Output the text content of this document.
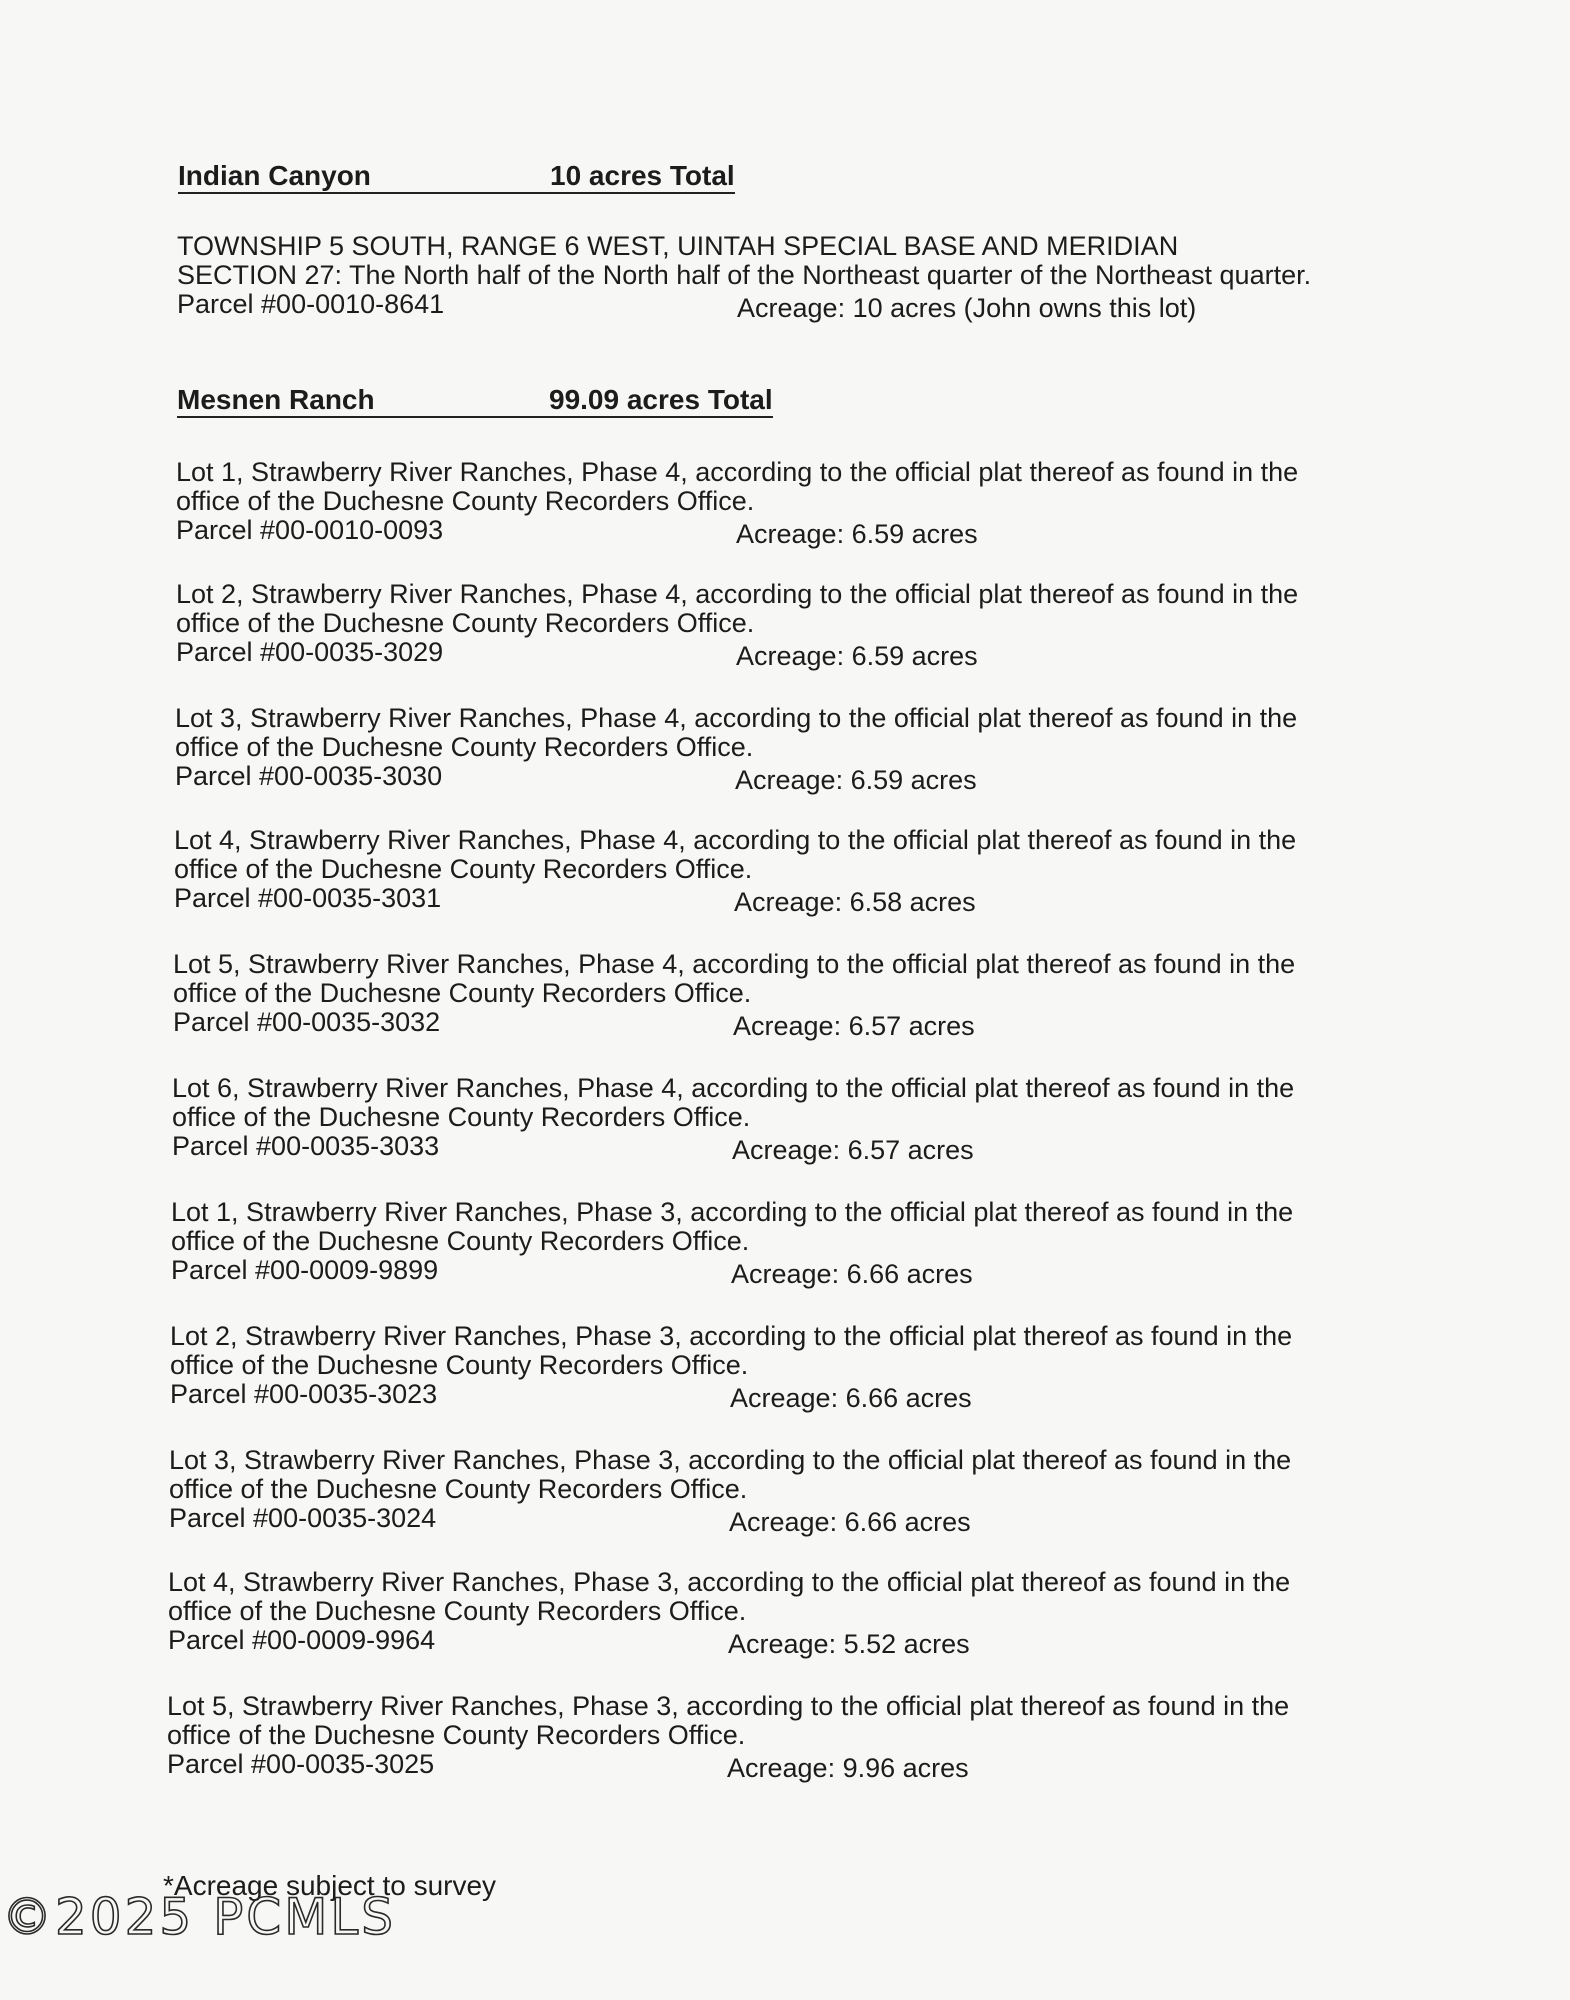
Indian Canyon	10 acres Total
TOWNSHIP 5 SOUTH, RANGE 6 WEST, UINTAH SPECIAL BASE AND MERIDIAN
SECTION 27: The North half of the North half of the Northeast quarter of the Northeast quarter.
Parcel #00-0010-8641	Acreage: 10 acres (John owns this lot)
Mesnen Ranch	99.09 acres Total
Lot 1, Strawberry River Ranches, Phase 4, according to the official plat thereof as found in the
office of the Duchesne County Recorders Office.
Parcel #00-0010-0093	Acreage: 6.59 acres
Lot 2, Strawberry River Ranches, Phase 4, according to the official plat thereof as found in the
office of the Duchesne County Recorders Office.
Parcel #00-0035-3029	Acreage: 6.59 acres
Lot 3, Strawberry River Ranches, Phase 4, according to the official plat thereof as found in the
office of the Duchesne County Recorders Office.
Parcel #00-0035-3030	Acreage: 6.59 acres
Lot 4, Strawberry River Ranches, Phase 4, according to the official plat thereof as found in the
office of the Duchesne County Recorders Office.
Parcel #00-0035-3031	Acreage: 6.58 acres
Lot 5, Strawberry River Ranches, Phase 4, according to the official plat thereof as found in the
office of the Duchesne County Recorders Office.
Parcel #00-0035-3032	Acreage: 6.57 acres
Lot 6, Strawberry River Ranches, Phase 4, according to the official plat thereof as found in the
office of the Duchesne County Recorders Office.
Parcel #00-0035-3033	Acreage: 6.57 acres
Lot 1, Strawberry River Ranches, Phase 3, according to the official plat thereof as found in the
office of the Duchesne County Recorders Office.
Parcel #00-0009-9899	Acreage: 6.66 acres
Lot 2, Strawberry River Ranches, Phase 3, according to the official plat thereof as found in the
office of the Duchesne County Recorders Office.
Parcel #00-0035-3023	Acreage: 6.66 acres
Lot 3, Strawberry River Ranches, Phase 3, according to the official plat thereof as found in the
office of the Duchesne County Recorders Office.
Parcel #00-0035-3024	Acreage: 6.66 acres
Lot 4, Strawberry River Ranches, Phase 3, according to the official plat thereof as found in the
office of the Duchesne County Recorders Office.
Parcel #00-0009-9964	Acreage: 5.52 acres
Lot 5, Strawberry River Ranches, Phase 3, according to the official plat thereof as found in the
office of the Duchesne County Recorders Office.
Parcel #00-0035-3025	Acreage: 9.96 acres
*Acreage subject to survey
©2025 PCMLS
